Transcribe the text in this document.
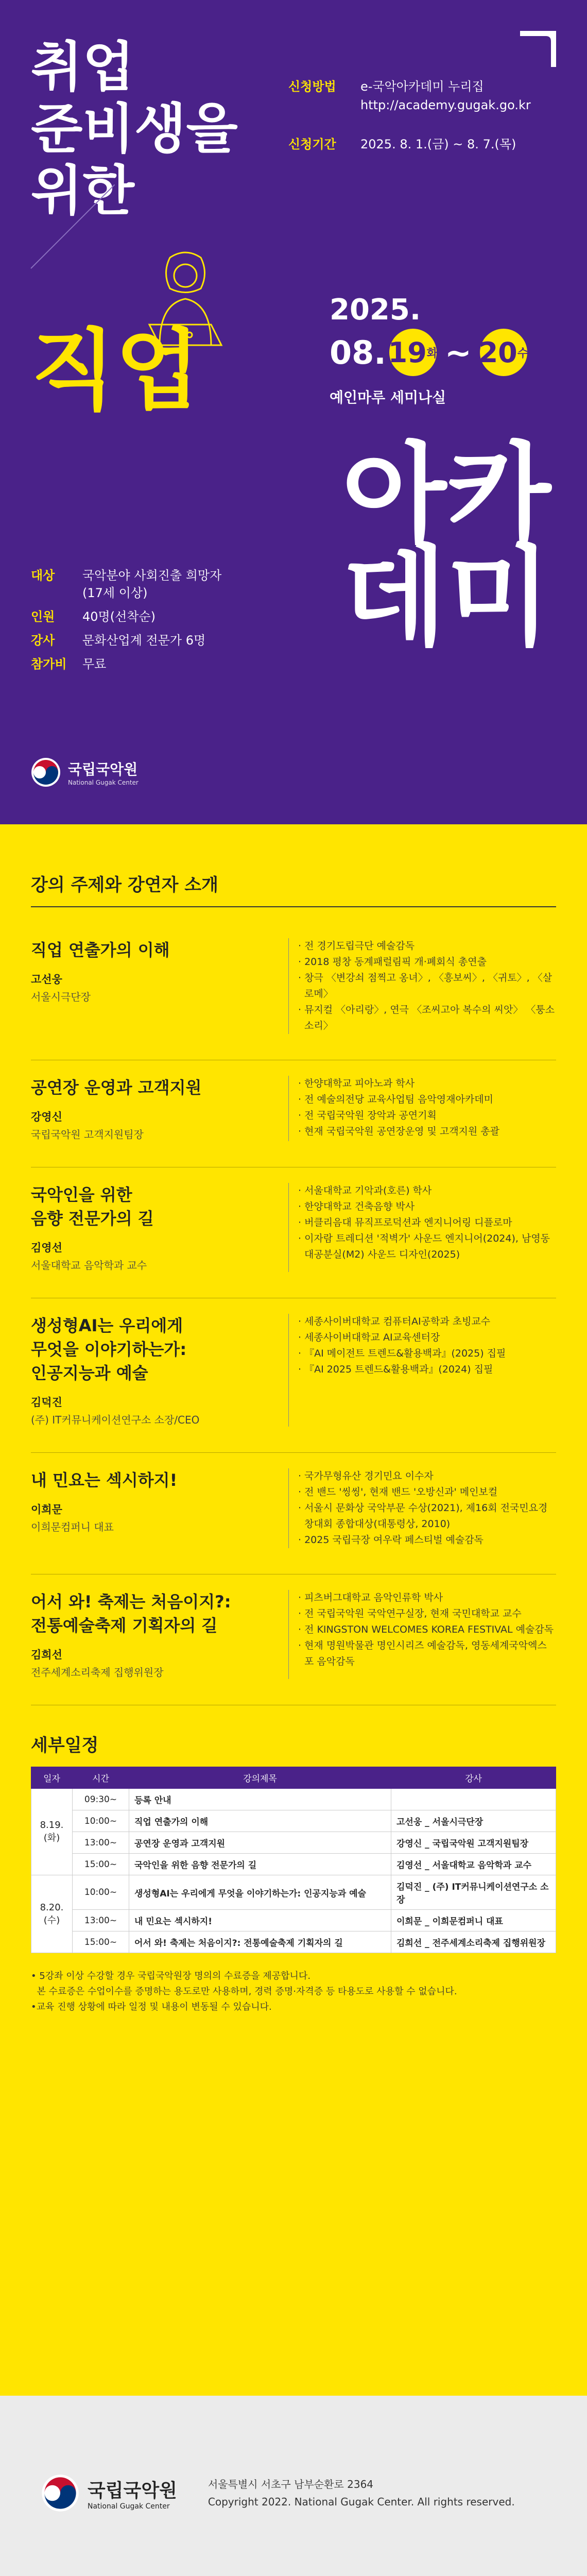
취업
준비생을
위한
직업
신청방법	e-국악아카데미 누리집
http://academy.gugak.go.kr
신청기간	2025. 8. 1.(금) ~ 8. 7.(목)
2025.
08. 19 화 ~ 20 수
예인마루 세미나실
아카
데미
대상	국악분야 사회진출 희망자
(17세 이상)
인원	40명(선착순)
강사	문화산업계 전문가 6명
참가비	무료
국립국악원
National Gugak Center
강의 주제와 강연자 소개
직업 연출가의 이해
고선웅
서울시극단장
· 전 경기도립극단 예술감독
· 2018 평창 동계패럴림픽 개·폐회식 총연출
· 창극 〈변강쇠 점찍고 옹녀〉, 〈흥보씨〉, 〈귀토〉, 〈살로메〉
· 뮤지컬 〈아리랑〉, 연극 〈조씨고아 복수의 씨앗〉 〈퉁소 소리〉
공연장 운영과 고객지원
강영신
국립국악원 고객지원팀장
· 한양대학교 피아노과 학사
· 전 예술의전당 교육사업팀 음악영재아카데미
· 전 국립국악원 장악과 공연기획
· 현재 국립국악원 공연장운영 및 고객지원 총괄
국악인을 위한
음향 전문가의 길
김영선
서울대학교 음악학과 교수
· 서울대학교 기악과(호른) 학사
· 한양대학교 건축음향 박사
· 버클리음대 뮤직프로덕션과 엔지니어링 디플로마
· 이자람 트레디션 '적벽가' 사운드 엔지니어(2024), 남영동 대공분실(M2) 사운드 디자인(2025)
생성형AI는 우리에게
무엇을 이야기하는가:
인공지능과 예술
김덕진
(주) IT커뮤니케이션연구소 소장/CEO
· 세종사이버대학교 컴퓨터AI공학과 초빙교수
· 세종사이버대학교 AI교육센터장
· 『AI 메이전트 트렌드&활용백과』(2025) 집필
· 『AI 2025 트렌드&활용백과』(2024) 집필
내 민요는 섹시하지!
이희문
이희문컴퍼니 대표
· 국가무형유산 경기민요 이수자
· 전 밴드 '씽씽', 현재 밴드 '오방신과' 메인보컬
· 서울시 문화상 국악부문 수상(2021), 제16회 전국민요경창대회 종합대상(대통령상, 2010)
· 2025 국립극장 여우락 페스티벌 예술감독
어서 와! 축제는 처음이지?:
전통예술축제 기획자의 길
김희선
전주세계소리축제 집행위원장
· 피츠버그대학교 음악인류학 박사
· 전 국립국악원 국악연구실장, 현재 국민대학교 교수
· 전 KINGSTON WELCOMES KOREA FESTIVAL 예술감독
· 현재 명원박물관 명인시리즈 예술감독, 영동세계국악엑스포 음악감독
세부일정
일자	시간	강의제목	강사
8.19.
(화)	09:30~	등록 안내	
	10:00~	직업 연출가의 이해	고선웅 _ 서울시극단장
	13:00~	공연장 운영과 고객지원	강영신 _ 국립국악원 고객지원팀장
	15:00~	국악인을 위한 음향 전문가의 길	김영선 _ 서울대학교 음악학과 교수
8.20.
(수)	10:00~	생성형AI는 우리에게 무엇을 이야기하는가: 인공지능과 예술	김덕진 _ (주) IT커뮤니케이션연구소 소장
	13:00~	내 민요는 섹시하지!	이희문 _ 이희문컴퍼니 대표
	15:00~	어서 와! 축제는 처음이지?: 전통예술축제 기획자의 길	김희선 _ 전주세계소리축제 집행위원장
• 5강좌 이상 수강할 경우 국립국악원장 명의의 수료증을 제공합니다.
본 수료증은 수업이수를 증명하는 용도로만 사용하며, 경력 증명·자격증 등 타용도로 사용할 수 없습니다.
•교육 진행 상황에 따라 일정 및 내용이 변동될 수 있습니다.
국립국악원
National Gugak Center
서울특별시 서초구 남부순환로 2364
Copyright 2022. National Gugak Center. All rights reserved.
